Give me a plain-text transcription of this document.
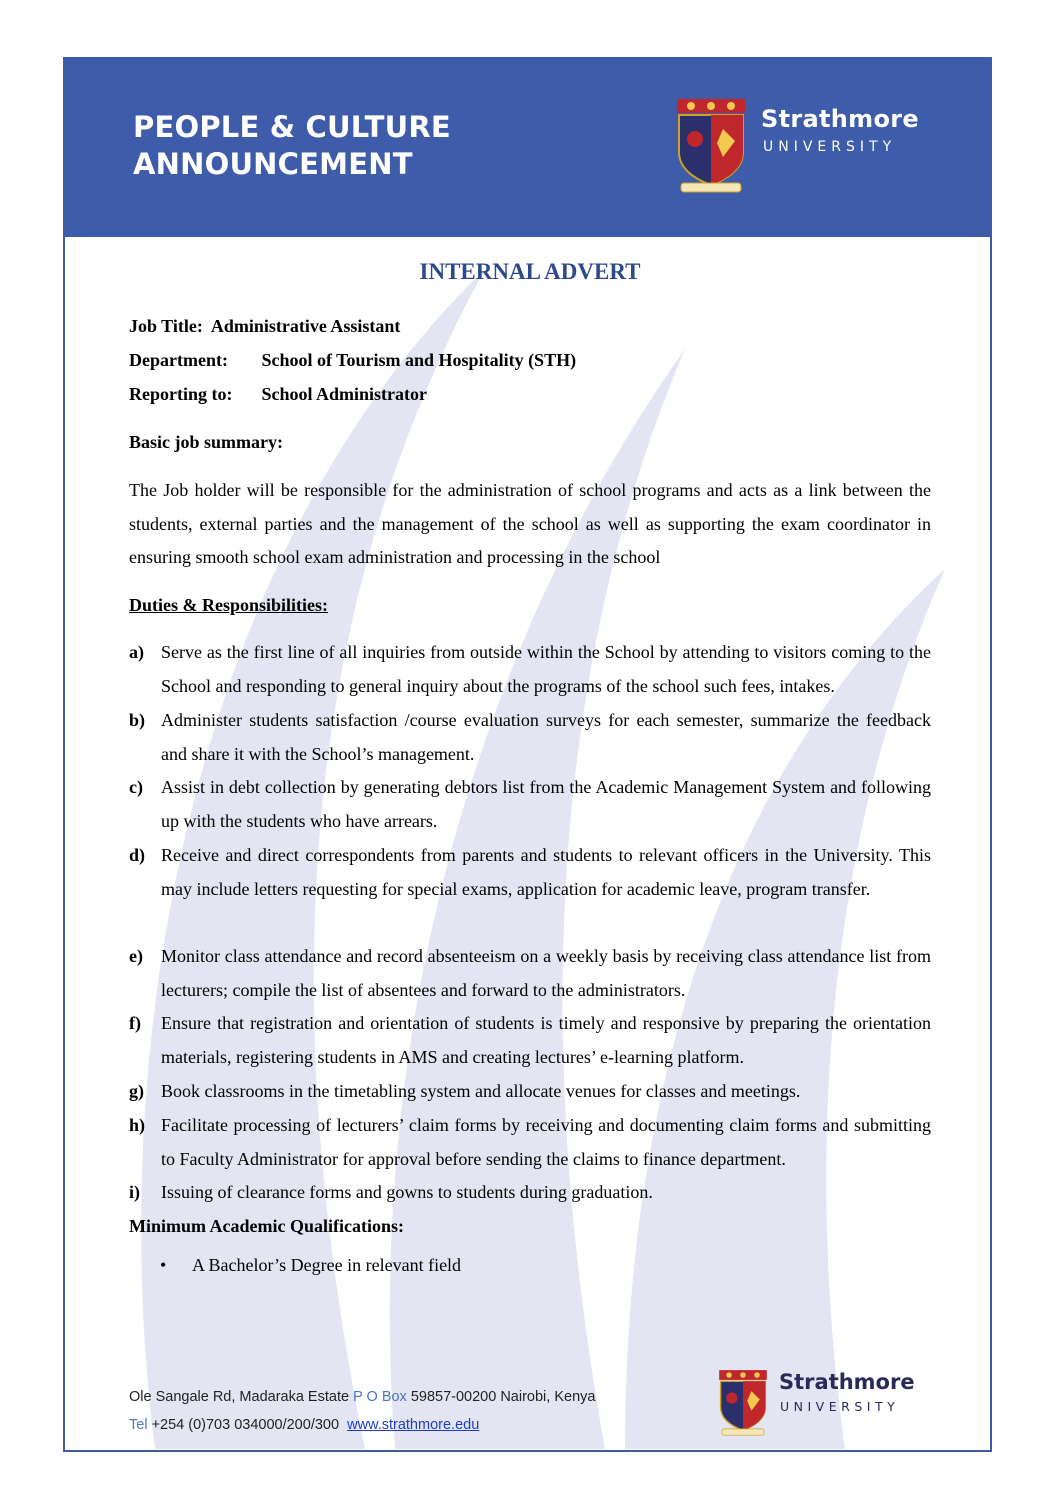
PEOPLE & CULTURE
ANNOUNCEMENT
Strathmore
UNIVERSITY
INTERNAL ADVERT
Job Title: Administrative Assistant
Department: School of Tourism and Hospitality (STH)
Reporting to: School Administrator
Basic job summary:
The Job holder will be responsible for the administration of school programs and acts as a link between the students, external parties and the management of the school as well as supporting the exam coordinator in ensuring smooth school exam administration and processing in the school
Duties & Responsibilities:
a) Serve as the first line of all inquiries from outside within the School by attending to visitors coming to the School and responding to general inquiry about the programs of the school such fees, intakes.
b) Administer students satisfaction /course evaluation surveys for each semester, summarize the feedback and share it with the School’s management.
c) Assist in debt collection by generating debtors list from the Academic Management System and following up with the students who have arrears.
d) Receive and direct correspondents from parents and students to relevant officers in the University. This may include letters requesting for special exams, application for academic leave, program transfer.
e) Monitor class attendance and record absenteeism on a weekly basis by receiving class attendance list from lecturers; compile the list of absentees and forward to the administrators.
f) Ensure that registration and orientation of students is timely and responsive by preparing the orientation materials, registering students in AMS and creating lectures’ e-learning platform.
g) Book classrooms in the timetabling system and allocate venues for classes and meetings.
h) Facilitate processing of lecturers’ claim forms by receiving and documenting claim forms and submitting to Faculty Administrator for approval before sending the claims to finance department.
i) Issuing of clearance forms and gowns to students during graduation.
Minimum Academic Qualifications:
• A Bachelor’s Degree in relevant field
Ole Sangale Rd, Madaraka Estate P O Box 59857-00200 Nairobi, Kenya
Tel +254 (0)703 034000/200/300  www.strathmore.edu
Strathmore
UNIVERSITY
